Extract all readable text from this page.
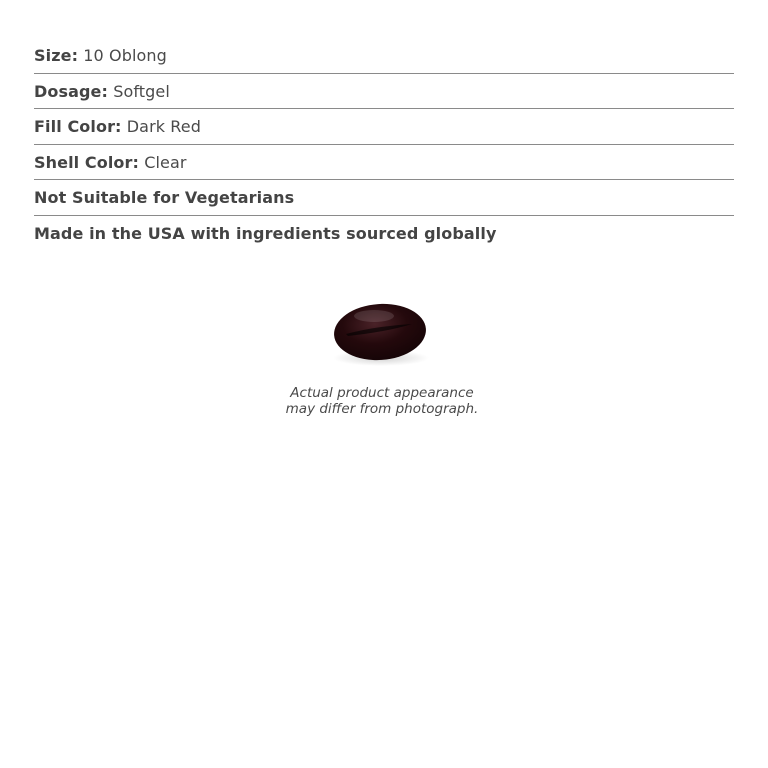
Size: 10 Oblong
Dosage: Softgel
Fill Color: Dark Red
Shell Color: Clear
Not Suitable for Vegetarians
Made in the USA with ingredients sourced globally
Actual product appearance
may differ from photograph.
